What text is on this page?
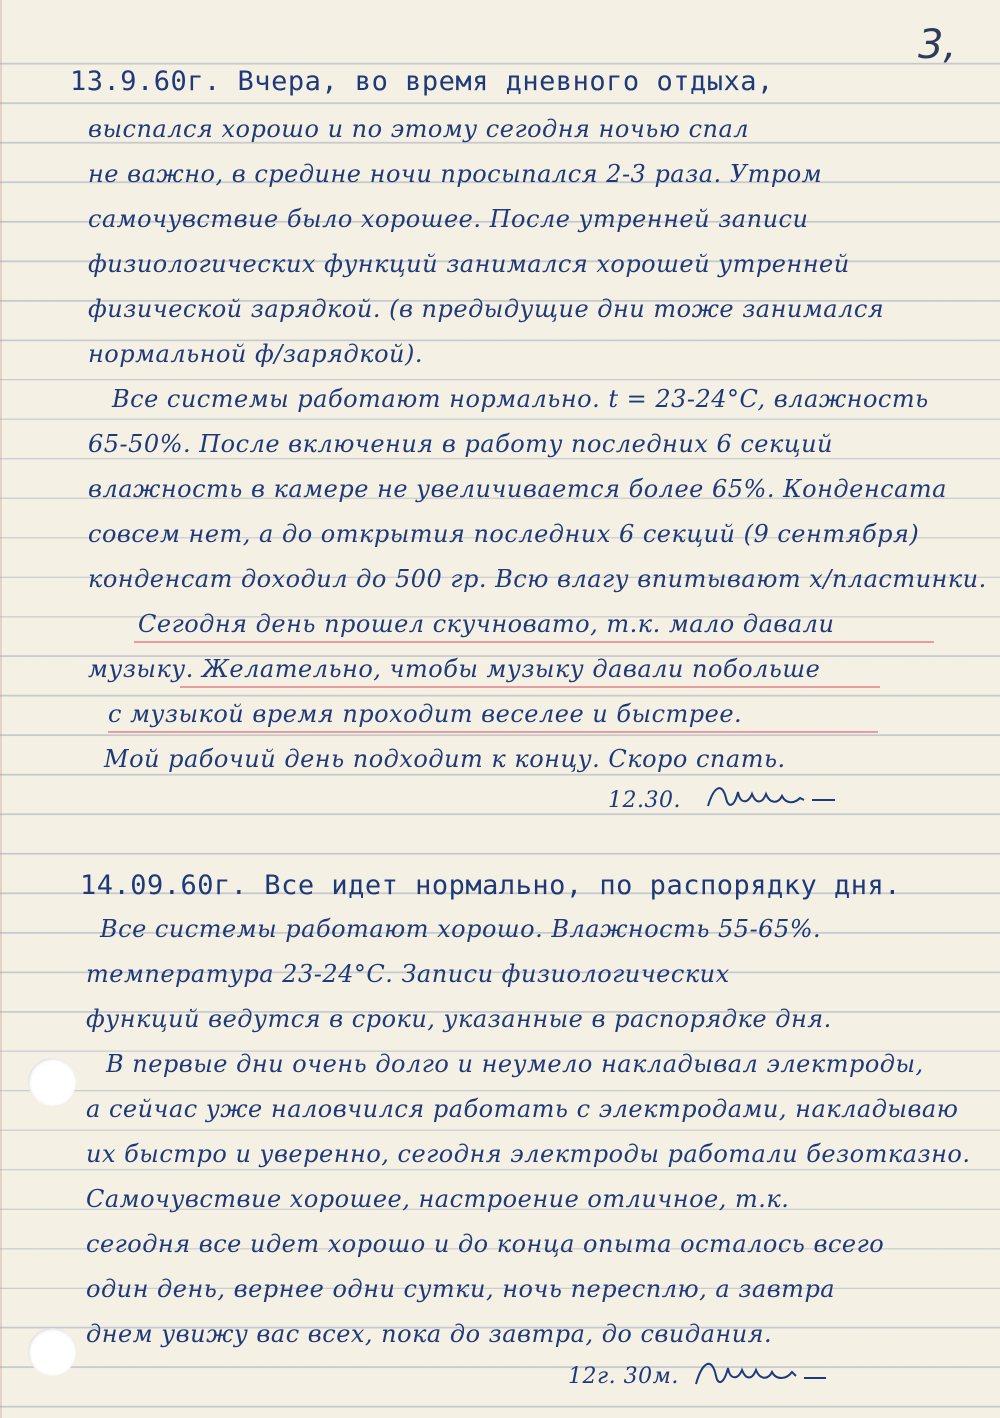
3,
13.9.60г. Вчера, во время дневного отдыха,
выспался хорошо и по этому сегодня ночью спал
не важно, в средине ночи просыпался 2-3 раза. Утром
самочувствие было хорошее. После утренней записи
физиологических функций занимался хорошей утренней
физической зарядкой. (в предыдущие дни тоже занимался
нормальной ф/зарядкой).
Все системы работают нормально. t = 23-24°C, влажность
65-50%. После включения в работу последних 6 секций
влажность в камере не увеличивается более 65%. Конденсата
совсем нет, а до открытия последних 6 секций (9 сентября)
конденсат доходил до 500 гр. Всю влагу впитывают х/пластинки.
Сегодня день прошел скучновато, т.к. мало давали
музыку. Желательно, чтобы музыку давали побольше
с музыкой время проходит веселее и быстрее.
Мой рабочий день подходит к концу. Скоро спать.
12.30.
14.09.60г. Все идет нормально, по распорядку дня.
Все системы работают хорошо. Влажность 55-65%.
температура 23-24°С. Записи физиологических
функций ведутся в сроки, указанные в распорядке дня.
В первые дни очень долго и неумело накладывал электроды,
а сейчас уже наловчился работать с электродами, накладываю
их быстро и уверенно, сегодня электроды работали безотказно.
Самочувствие хорошее, настроение отличное, т.к.
сегодня все идет хорошо и до конца опыта осталось всего
один день, вернее одни сутки, ночь пересплю, а завтра
днем увижу вас всех, пока до завтра, до свидания.
12г. 30м.
